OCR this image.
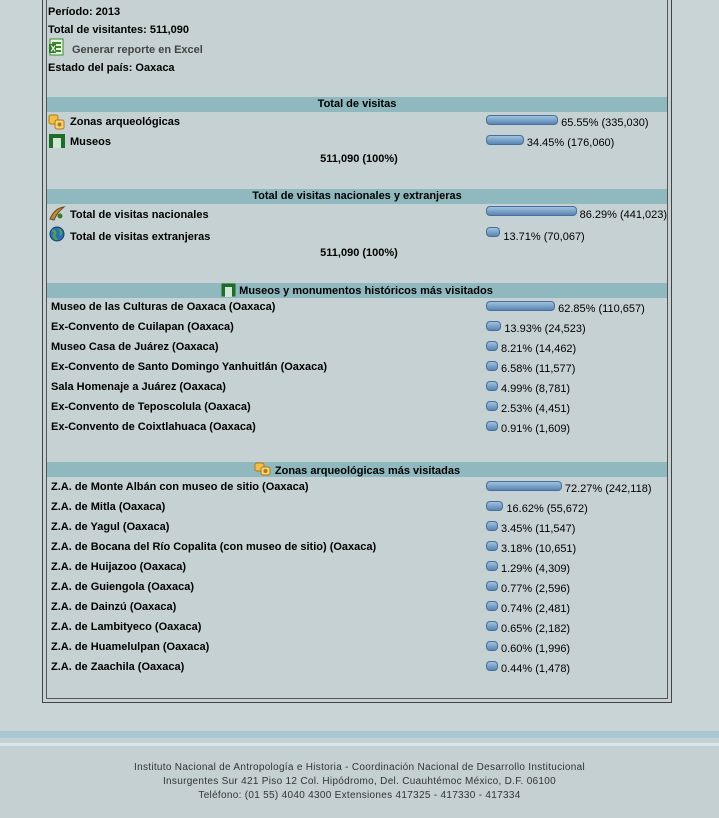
Período: 2013
Total de visitantes: 511,090
X Generar reporte en Excel
Estado del país: Oaxaca
Total de visitas
Zonas arqueológicas	65.55% (335,030)
Museos	34.45% (176,060)
511,090 (100%)
Total de visitas nacionales y extranjeras
Total de visitas nacionales	86.29% (441,023)
Total de visitas extranjeras	13.71% (70,067)
511,090 (100%)
Museos y monumentos históricos más visitados
Museo de las Culturas de Oaxaca (Oaxaca)	62.85% (110,657)
Ex-Convento de Cuilapan (Oaxaca)	13.93% (24,523)
Museo Casa de Juárez (Oaxaca)	8.21% (14,462)
Ex-Convento de Santo Domingo Yanhuitlán (Oaxaca)	6.58% (11,577)
Sala Homenaje a Juárez (Oaxaca)	4.99% (8,781)
Ex-Convento de Teposcolula (Oaxaca)	2.53% (4,451)
Ex-Convento de Coixtlahuaca (Oaxaca)	0.91% (1,609)
Zonas arqueológicas más visitadas
Z.A. de Monte Albán con museo de sitio (Oaxaca)	72.27% (242,118)
Z.A. de Mitla (Oaxaca)	16.62% (55,672)
Z.A. de Yagul (Oaxaca)	3.45% (11,547)
Z.A. de Bocana del Río Copalita (con museo de sitio) (Oaxaca)	3.18% (10,651)
Z.A. de Huijazoo (Oaxaca)	1.29% (4,309)
Z.A. de Guiengola (Oaxaca)	0.77% (2,596)
Z.A. de Dainzú (Oaxaca)	0.74% (2,481)
Z.A. de Lambityeco (Oaxaca)	0.65% (2,182)
Z.A. de Huamelulpan (Oaxaca)	0.60% (1,996)
Z.A. de Zaachila (Oaxaca)	0.44% (1,478)
Instituto Nacional de Antropología e Historia - Coordinación Nacional de Desarrollo Institucional
Insurgentes Sur 421 Piso 12 Col. Hipódromo, Del. Cuauhtémoc México, D.F. 06100
Teléfono: (01 55) 4040 4300 Extensiones 417325 - 417330 - 417334
